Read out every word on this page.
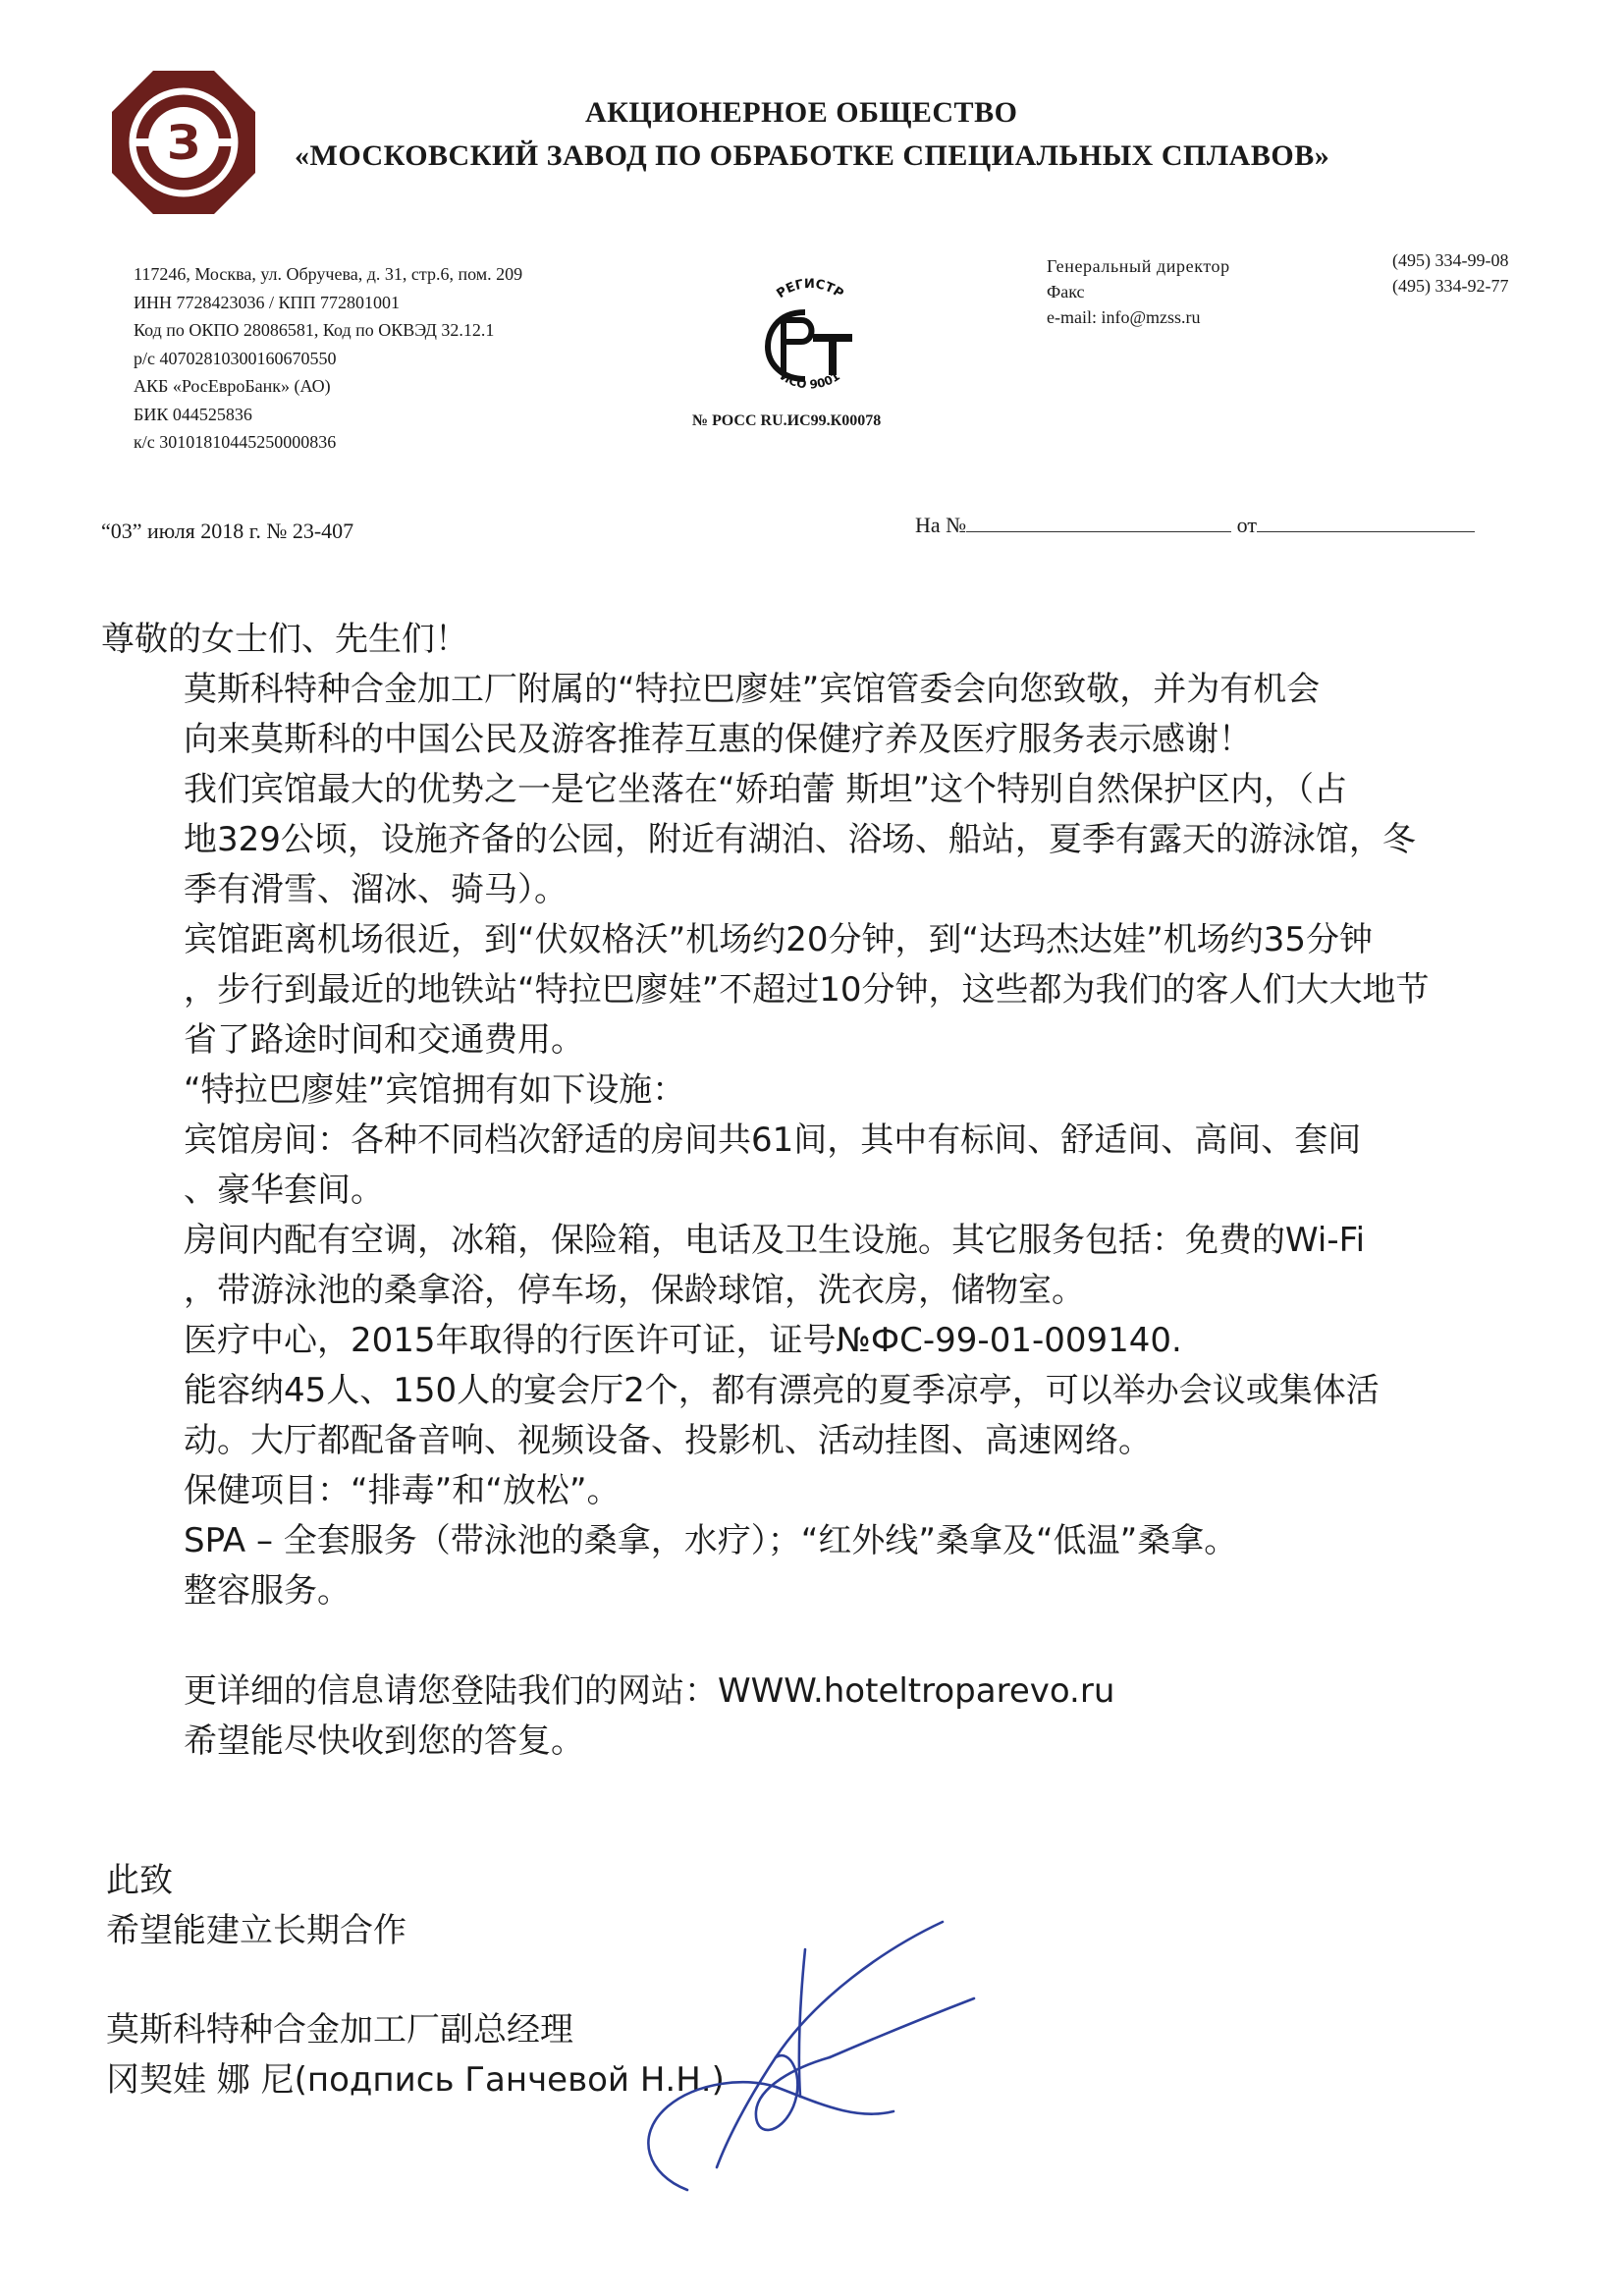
З
АКЦИОНЕРНОЕ ОБЩЕСТВО
«МОСКОВСКИЙ ЗАВОД ПО ОБРАБОТКЕ СПЕЦИАЛЬНЫХ СПЛАВОВ»
117246, Москва, ул. Обручева, д. 31, стр.6, пом. 209
ИНН 7728423036 / КПП 772801001
Код по ОКПО 28086581, Код по ОКВЭД 32.12.1
р/с 40702810300160670550
АКБ «РосЕвроБанк» (АО)
БИК 044525836
к/с 30101810445250000836
РЕГИСТР
ИСО 9001
№ РОСС RU.ИС99.К00078
Генеральный директор
Факс
e-mail: info@mzss.ru
(495) 334-99-08
(495) 334-92-77
“03” июля 2018 г. № 23-407	На №	от

尊敬的女士们、先生们！

莫斯科特种合金加工厂附属的“特拉巴廖娃”宾馆管委会向您致敬，并为有机会
向来莫斯科的中国公民及游客推荐互惠的保健疗养及医疗服务表示感谢！

我们宾馆最大的优势之一是它坐落在“娇珀蕾 斯坦”这个特别自然保护区内，（占
地329公顷，设施齐备的公园，附近有湖泊、浴场、船站，夏季有露天的游泳馆，冬
季有滑雪、溜冰、骑马）。

宾馆距离机场很近，到“伏奴格沃”机场约20分钟，到“达玛杰达娃”机场约35分钟
，步行到最近的地铁站“特拉巴廖娃”不超过10分钟，这些都为我们的客人们大大地节
省了路途时间和交通费用。

“特拉巴廖娃”宾馆拥有如下设施：

宾馆房间：各种不同档次舒适的房间共61间，其中有标间、舒适间、高间、套间
、豪华套间。

房间内配有空调，冰箱，保险箱，电话及卫生设施。其它服务包括：免费的Wi-Fi
，带游泳池的桑拿浴，停车场，保龄球馆，洗衣房，储物室。

医疗中心，2015年取得的行医许可证，证号№ФС-99-01-009140.

能容纳45人、150人的宴会厅2个，都有漂亮的夏季凉亭，可以举办会议或集体活
动。大厅都配备音响、视频设备、投影机、活动挂图、高速网络。

保健项目：“排毒”和“放松”。

SPA – 全套服务（带泳池的桑拿，水疗）；“红外线”桑拿及“低温”桑拿。

整容服务。

更详细的信息请您登陆我们的网站：WWW.hoteltroparevo.ru

希望能尽快收到您的答复。

此致
希望能建立长期合作
莫斯科特种合金加工厂副总经理
冈契娃 娜 尼(подпись Ганчевой Н.Н.)
